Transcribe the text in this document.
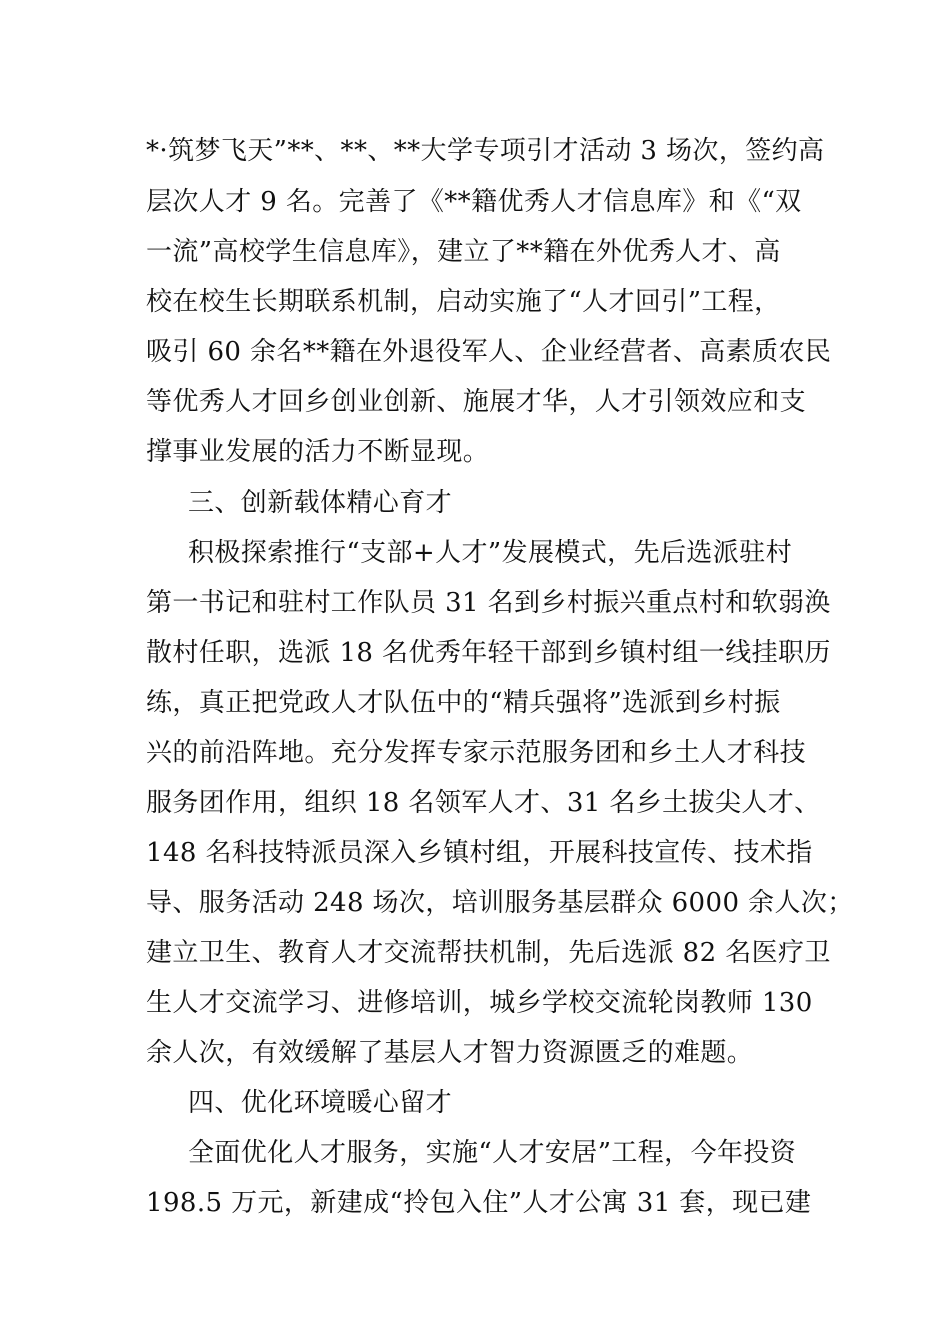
*·筑梦飞天”**、**、**大学专项引才活动 3 场次，签约高
层次人才 9 名。完善了《**籍优秀人才信息库》和《“双
一流”高校学生信息库》，建立了**籍在外优秀人才、高
校在校生长期联系机制，启动实施了“人才回引”工程，
吸引 60 余名**籍在外退役军人、企业经营者、高素质农民
等优秀人才回乡创业创新、施展才华，人才引领效应和支
撑事业发展的活力不断显现。
三、创新载体精心育才
积极探索推行“支部+人才”发展模式，先后选派驻村
第一书记和驻村工作队员 31 名到乡村振兴重点村和软弱涣
散村任职，选派 18 名优秀年轻干部到乡镇村组一线挂职历
练，真正把党政人才队伍中的“精兵强将”选派到乡村振
兴的前沿阵地。充分发挥专家示范服务团和乡土人才科技
服务团作用，组织 18 名领军人才、31 名乡土拔尖人才、
148 名科技特派员深入乡镇村组，开展科技宣传、技术指
导、服务活动 248 场次，培训服务基层群众 6000 余人次；
建立卫生、教育人才交流帮扶机制，先后选派 82 名医疗卫
生人才交流学习、进修培训，城乡学校交流轮岗教师 130
余人次，有效缓解了基层人才智力资源匮乏的难题。
四、优化环境暖心留才
全面优化人才服务，实施“人才安居”工程，今年投资
198.5 万元，新建成“拎包入住”人才公寓 31 套，现已建
